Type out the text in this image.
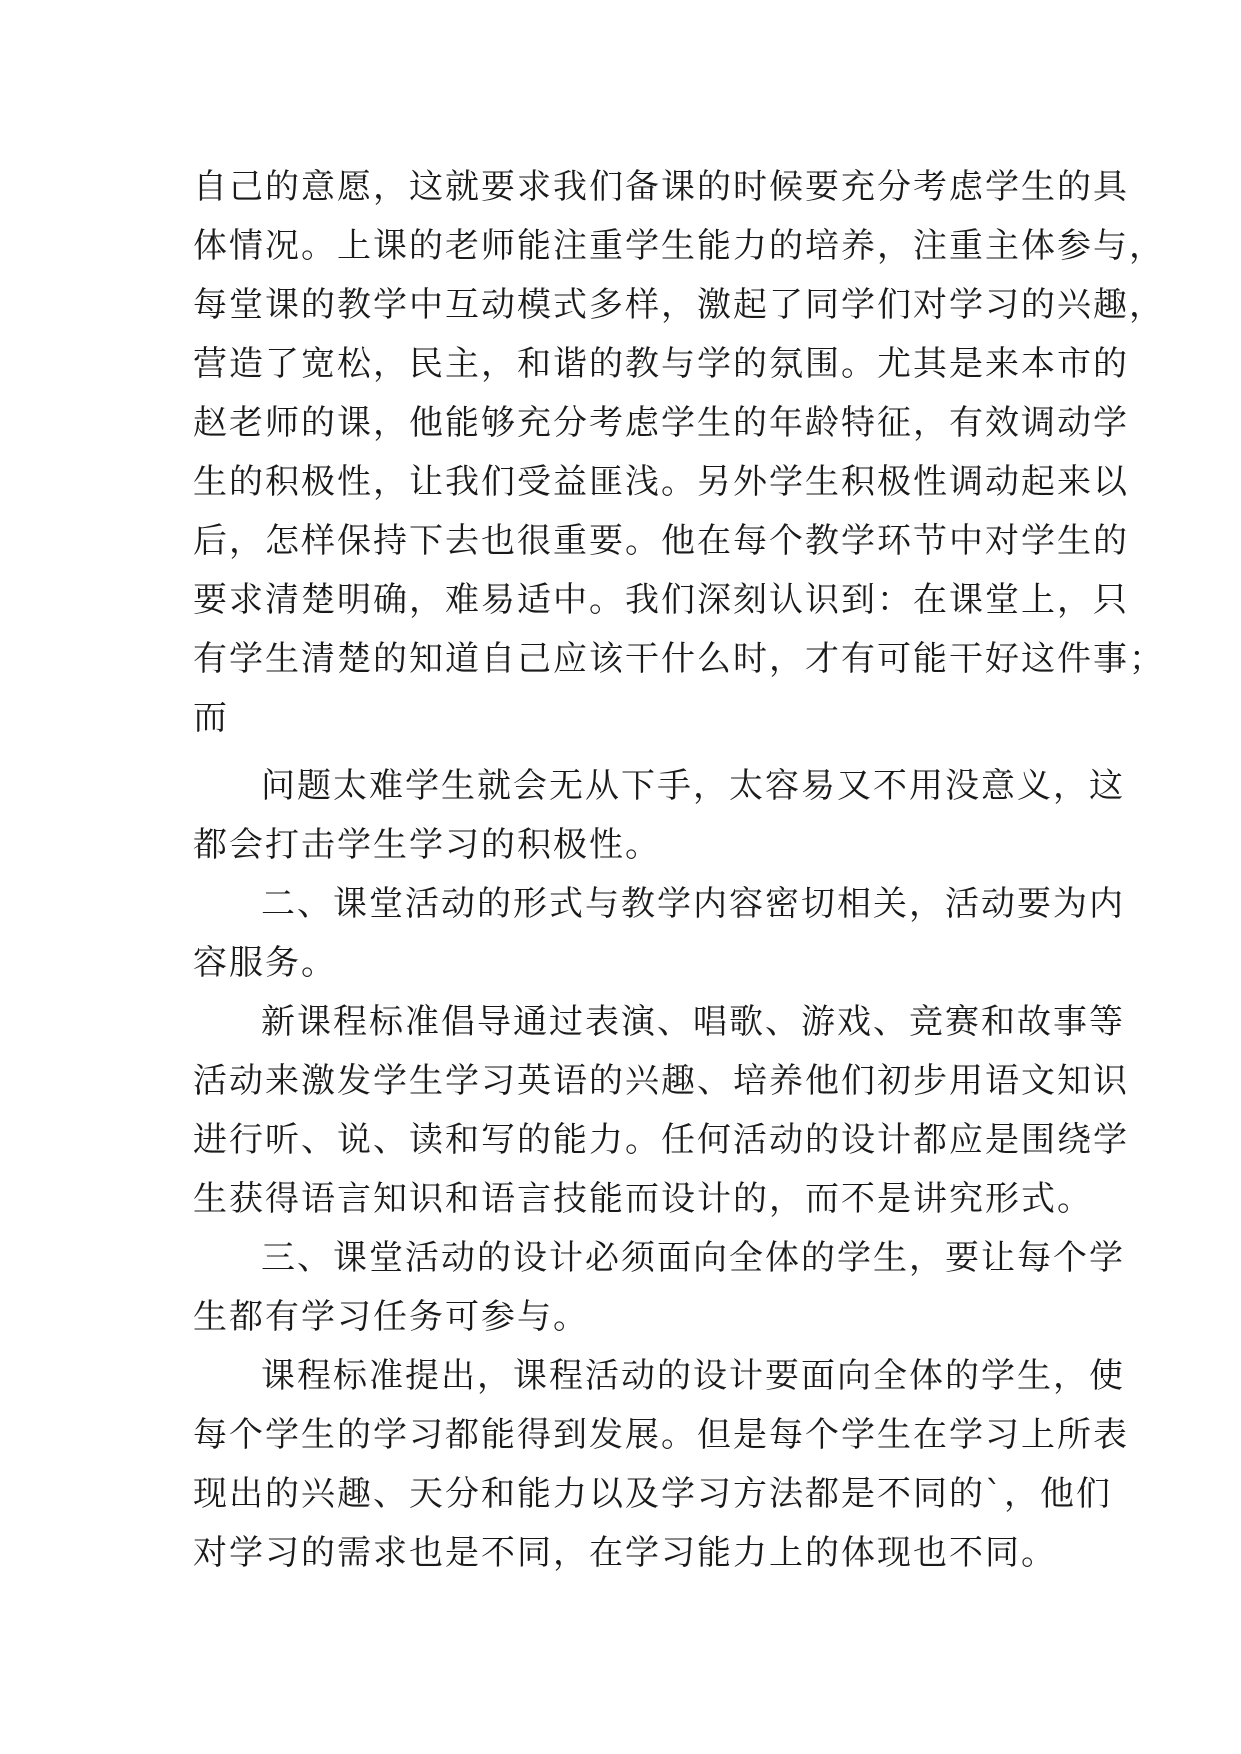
自己的意愿，这就要求我们备课的时候要充分考虑学生的具
体情况。上课的老师能注重学生能力的培养，注重主体参与，
每堂课的教学中互动模式多样，激起了同学们对学习的兴趣，
营造了宽松，民主，和谐的教与学的氛围。尤其是来本市的
赵老师的课，他能够充分考虑学生的年龄特征，有效调动学
生的积极性，让我们受益匪浅。另外学生积极性调动起来以
后，怎样保持下去也很重要。他在每个教学环节中对学生的
要求清楚明确，难易适中。我们深刻认识到：在课堂上，只
有学生清楚的知道自己应该干什么时，才有可能干好这件事；
而
问题太难学生就会无从下手，太容易又不用没意义，这
都会打击学生学习的积极性。
二、课堂活动的形式与教学内容密切相关，活动要为内
容服务。
新课程标准倡导通过表演、唱歌、游戏、竞赛和故事等
活动来激发学生学习英语的兴趣、培养他们初步用语文知识
进行听、说、读和写的能力。任何活动的设计都应是围绕学
生获得语言知识和语言技能而设计的，而不是讲究形式。
三、课堂活动的设计必须面向全体的学生，要让每个学
生都有学习任务可参与。
课程标准提出，课程活动的设计要面向全体的学生，使
每个学生的学习都能得到发展。但是每个学生在学习上所表
现出的兴趣、天分和能力以及学习方法都是不同的`，他们
对学习的需求也是不同，在学习能力上的体现也不同。
